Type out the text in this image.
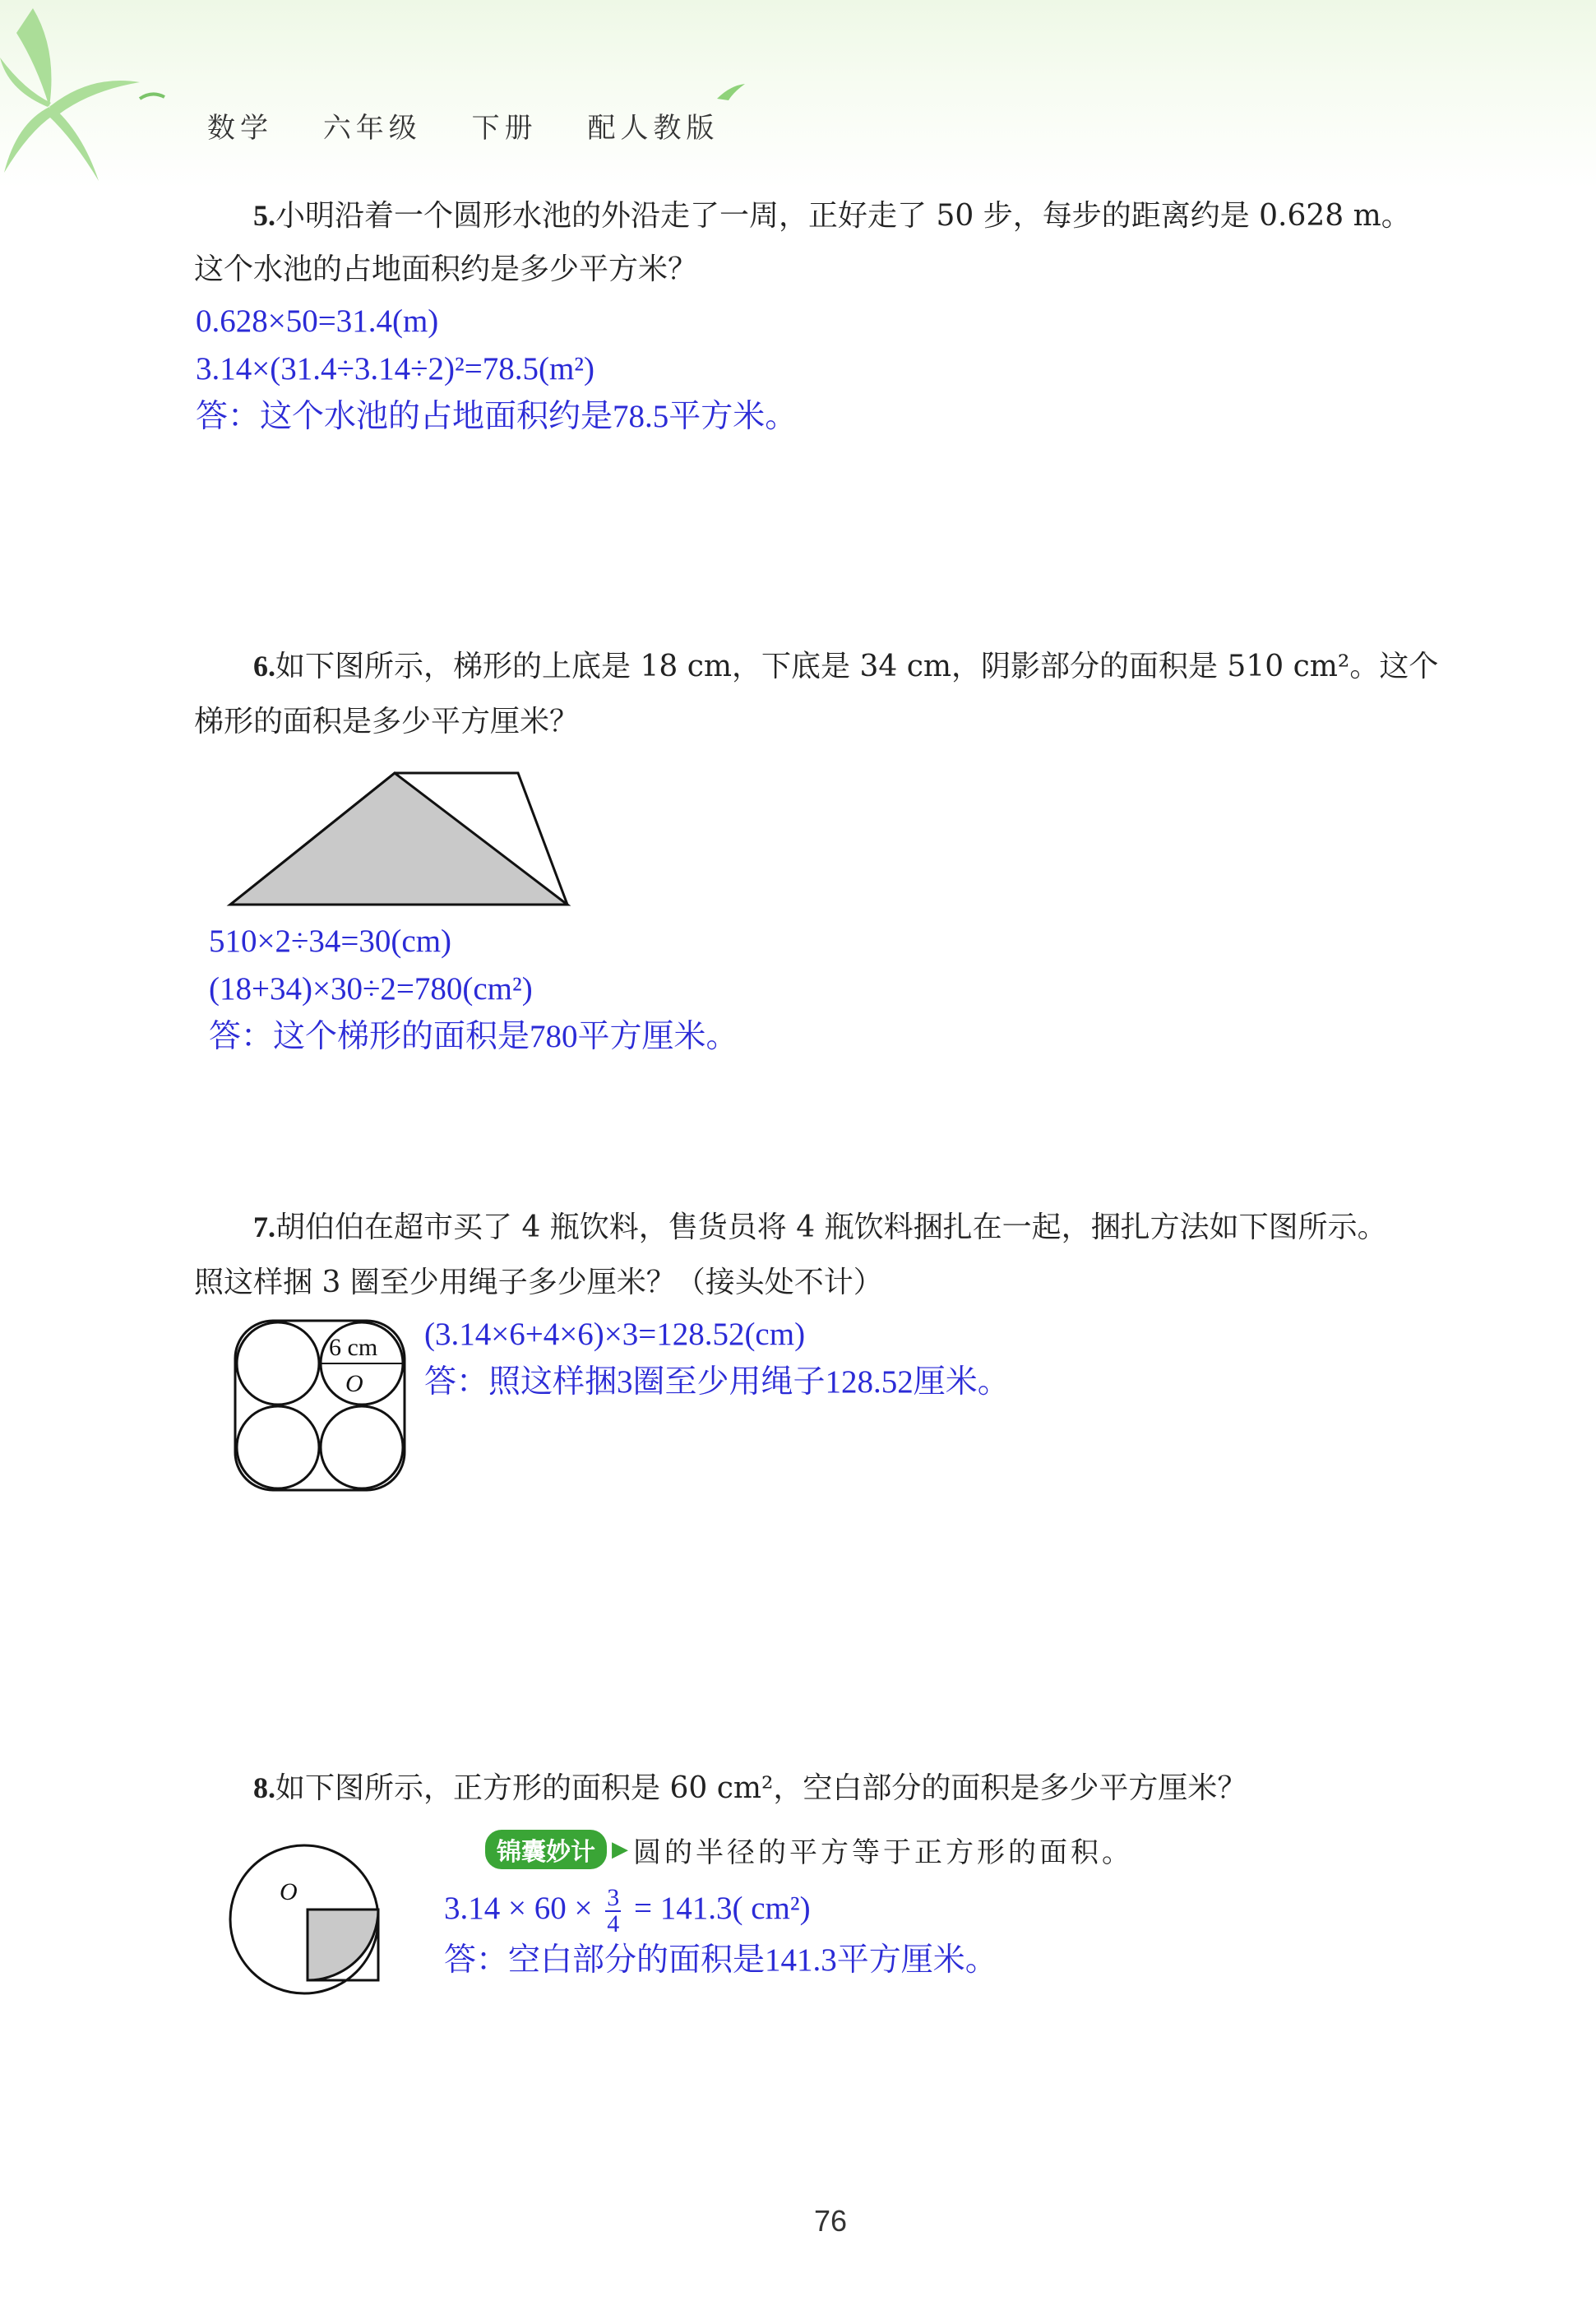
数学 六年级 下册 配人教版
5.小明沿着一个圆形水池的外沿走了一周，正好走了 50 步，每步的距离约是 0.628 m。
这个水池的占地面积约是多少平方米？
0.628×50=31.4(m)
3.14×(31.4÷3.14÷2)²=78.5(m²)
答：这个水池的占地面积约是78.5平方米。
6.如下图所示，梯形的上底是 18 cm，下底是 34 cm，阴影部分的面积是 510 cm²。这个
梯形的面积是多少平方厘米？
510×2÷34=30(cm)
(18+34)×30÷2=780(cm²)
答：这个梯形的面积是780平方厘米。
7.胡伯伯在超市买了 4 瓶饮料，售货员将 4 瓶饮料捆扎在一起，捆扎方法如下图所示。
照这样捆 3 圈至少用绳子多少厘米？（接头处不计）
6 cm
O
(3.14×6+4×6)×3=128.52(cm)
答：照这样捆3圈至少用绳子128.52厘米。
8.如下图所示，正方形的面积是 60 cm²，空白部分的面积是多少平方厘米？
O
锦囊妙计 ▶ 圆的半径的平方等于正方形的面积。
$3.14 \times 60 \times \frac{3}{4} = 141.3$( cm²)
答：空白部分的面积是141.3平方厘米。
76
